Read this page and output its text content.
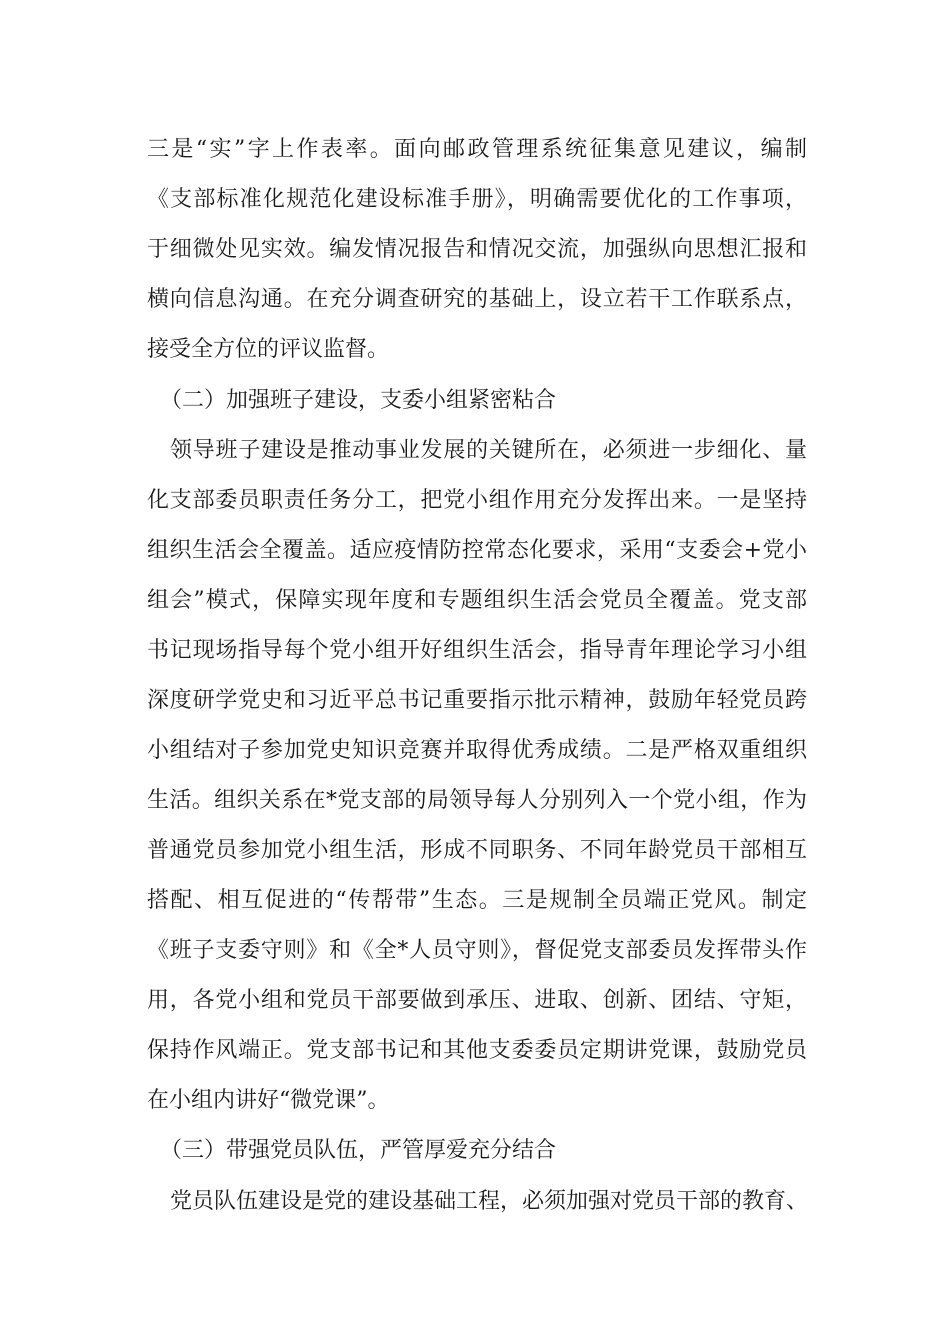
三是“实”字上作表率。面向邮政管理系统征集意见建议，编制
《支部标准化规范化建设标准手册》，明确需要优化的工作事项，
于细微处见实效。编发情况报告和情况交流，加强纵向思想汇报和
横向信息沟通。在充分调查研究的基础上，设立若干工作联系点，
接受全方位的评议监督。
（二）加强班子建设，支委小组紧密粘合
领导班子建设是推动事业发展的关键所在，必须进一步细化、量
化支部委员职责任务分工，把党小组作用充分发挥出来。一是坚持
组织生活会全覆盖。适应疫情防控常态化要求，采用“支委会+党小
组会”模式，保障实现年度和专题组织生活会党员全覆盖。党支部
书记现场指导每个党小组开好组织生活会，指导青年理论学习小组
深度研学党史和习近平总书记重要指示批示精神，鼓励年轻党员跨
小组结对子参加党史知识竞赛并取得优秀成绩。二是严格双重组织
生活。组织关系在*党支部的局领导每人分别列入一个党小组，作为
普通党员参加党小组生活，形成不同职务、不同年龄党员干部相互
搭配、相互促进的“传帮带”生态。三是规制全员端正党风。制定
《班子支委守则》和《全*人员守则》，督促党支部委员发挥带头作
用，各党小组和党员干部要做到承压、进取、创新、团结、守矩，
保持作风端正。党支部书记和其他支委委员定期讲党课，鼓励党员
在小组内讲好“微党课”。
（三）带强党员队伍，严管厚爱充分结合
党员队伍建设是党的建设基础工程，必须加强对党员干部的教育、
